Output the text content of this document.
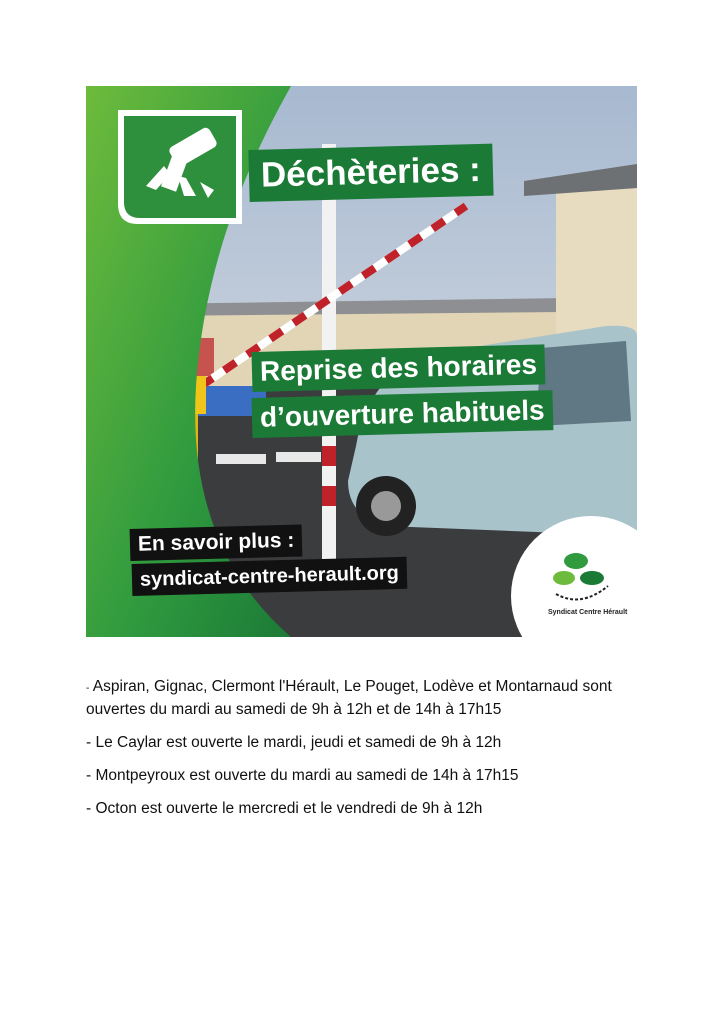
Déchèteries :
Reprise des horaires
d’ouverture habituels
En savoir plus :
syndicat-centre-herault.org
Syndicat Centre Hérault

- Aspiran, Gignac, Clermont l'Hérault, Le Pouget, Lodève et Montarnaud sont ouvertes du mardi au samedi de 9h à 12h et de 14h à 17h15

- Le Caylar est ouverte le mardi, jeudi et samedi de 9h à 12h

- Montpeyroux est ouverte du mardi au samedi de 14h à 17h15

- Octon est ouverte le mercredi et le vendredi de 9h à 12h
